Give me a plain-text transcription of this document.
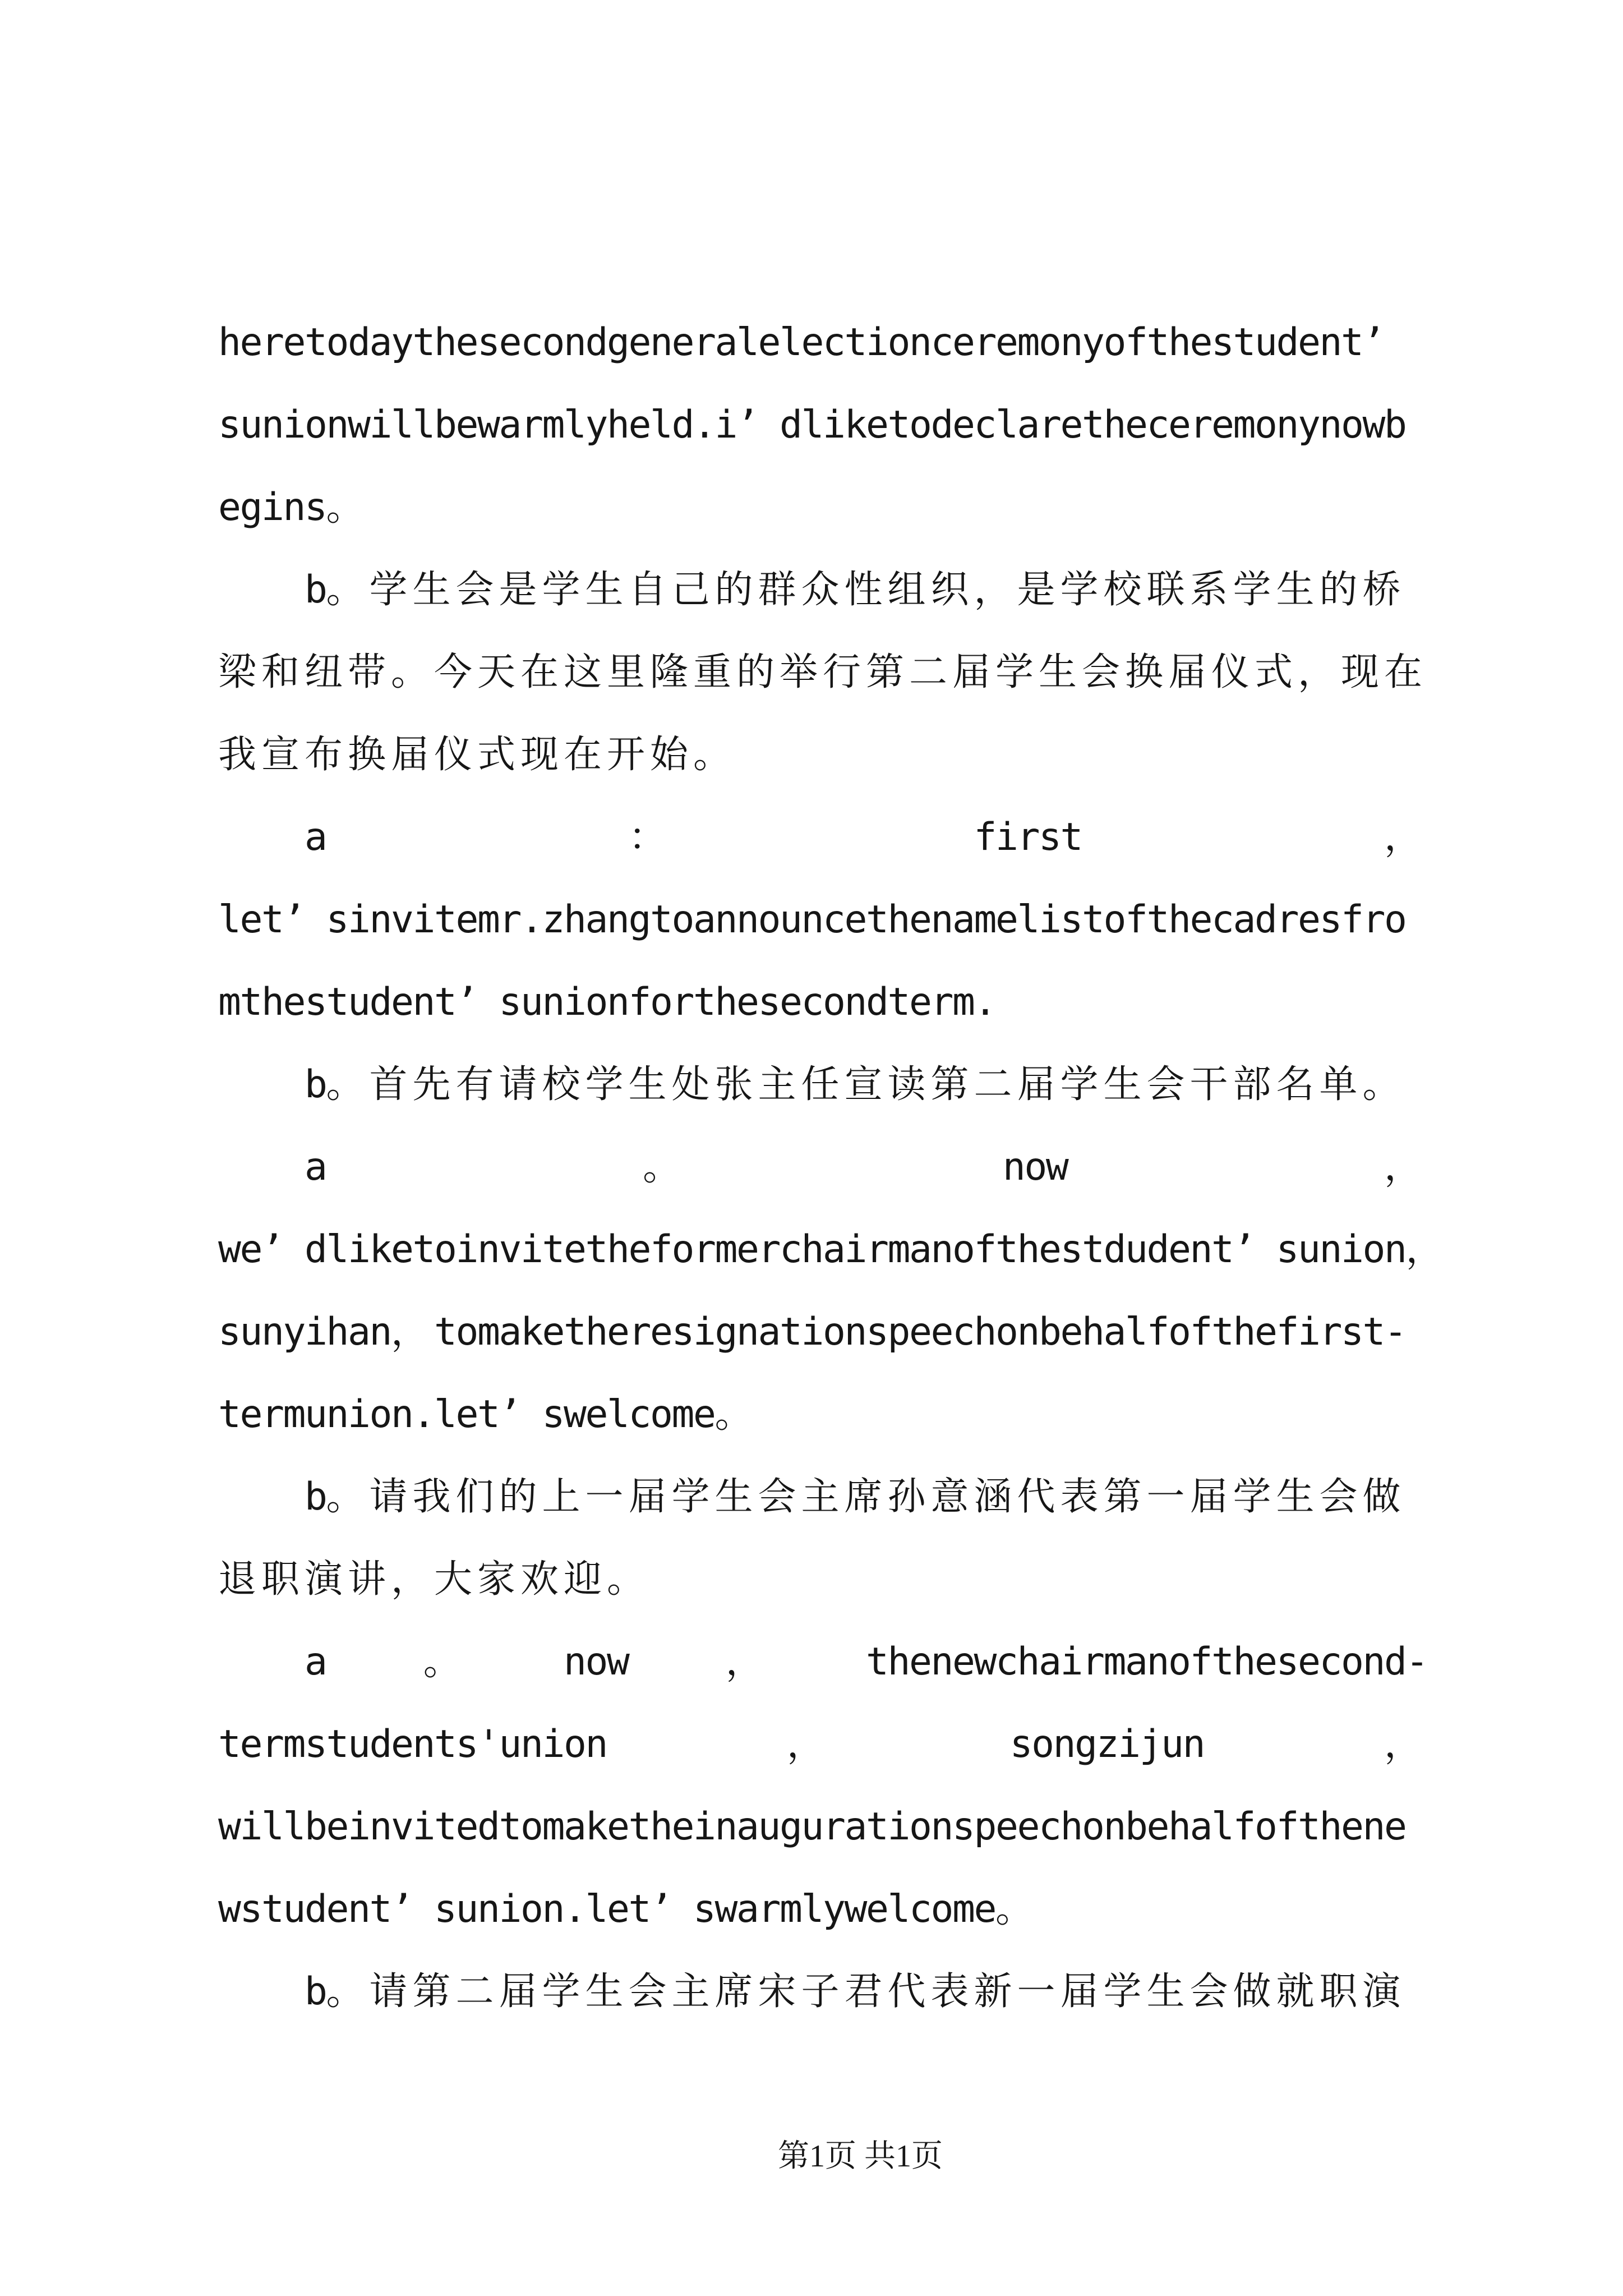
h
e
r
e
t
o
d
a
y
t
h
e
s
e
c
o
n
d
g
e
n
e
r
a
l
e
l
e
c
t
i
o
n
c
e
r
e
m
o
n
y
o
f
t
h
e
s
t
u
d
e
n
t
’
s
u
n
i
o
n
w
i
l
l
b
e
w
a
r
m
l
y
h
e
l
d
.
i
’ d
l
i
k
e
t
o
d
e
c
l
a
r
e
t
h
e
c
e
r
e
m
o
n
y
n
o
w
b
e
g
i
n
s
。
b
。 学 生 会 是 学 生 自 己 的 群 众 性 组 织 ， 是 学 校 联 系 学 生 的 桥
梁 和 纽 带 。 今 天 在 这 里 隆 重 的 举 行 第 二 届 学 生 会 换 届 仪 式 ， 现 在
我 宣 布 换 届 仪 式 现 在 开 始 。
a	：	f
i
r
s
t	，
l
e
t
’ s
i
n
v
i
t
e
m
r
.
z
h
a
n
g
t
o
a
n
n
o
u
n
c
e
t
h
e
n
a
m
e
l
i
s
t
o
f
t
h
e
c
a
d
r
e
s
f
r
o
m
t
h
e
s
t
u
d
e
n
t
’ s
u
n
i
o
n
f
o
r
t
h
e
s
e
c
o
n
d
t
e
r
m
.
b
。 首 先 有 请 校 学 生 处 张 主 任 宣 读 第 二 届 学 生 会 干 部 名 单 。
a	。	n
o
w	，
w
e
’ d
l
i
k
e
t
o
i
n
v
i
t
e
t
h
e
f
o
r
m
e
r
c
h
a
i
r
m
a
n
o
f
t
h
e
s
t
d
u
d
e
n
t
’ s
u
n
i
o
n
，
s
u
n
y
i
h
a
n
， t
o
m
a
k
e
t
h
e
r
e
s
i
g
n
a
t
i
o
n
s
p
e
e
c
h
o
n
b
e
h
a
l
f
o
f
t
h
e
f
i
r
s
t
-
t
e
r
m
u
n
i
o
n
.
l
e
t
’ s
w
e
l
c
o
m
e
。
b
。 请 我 们 的 上 一 届 学 生 会 主 席 孙 意 涵 代 表 第 一 届 学 生 会 做
退 职 演 讲 ， 大 家 欢 迎 。
a	。	n
o
w	，	t
h
e
n
e
w
c
h
a
i
r
m
a
n
o
f
t
h
e
s
e
c
o
n
d
-
t
e
r
m
s
t
u
d
e
n
t
s
'
u
n
i
o
n	，	s
o
n
g
z
i
j
u
n	，
w
i
l
l
b
e
i
n
v
i
t
e
d
t
o
m
a
k
e
t
h
e
i
n
a
u
g
u
r
a
t
i
o
n
s
p
e
e
c
h
o
n
b
e
h
a
l
f
o
f
t
h
e
n
e
w
s
t
u
d
e
n
t
’ s
u
n
i
o
n
.
l
e
t
’ s
w
a
r
m
l
y
w
e
l
c
o
m
e
。
b
。 请 第 二 届 学 生 会 主 席 宋 子 君 代 表 新 一 届 学 生 会 做 就 职 演
第1页 共1页
